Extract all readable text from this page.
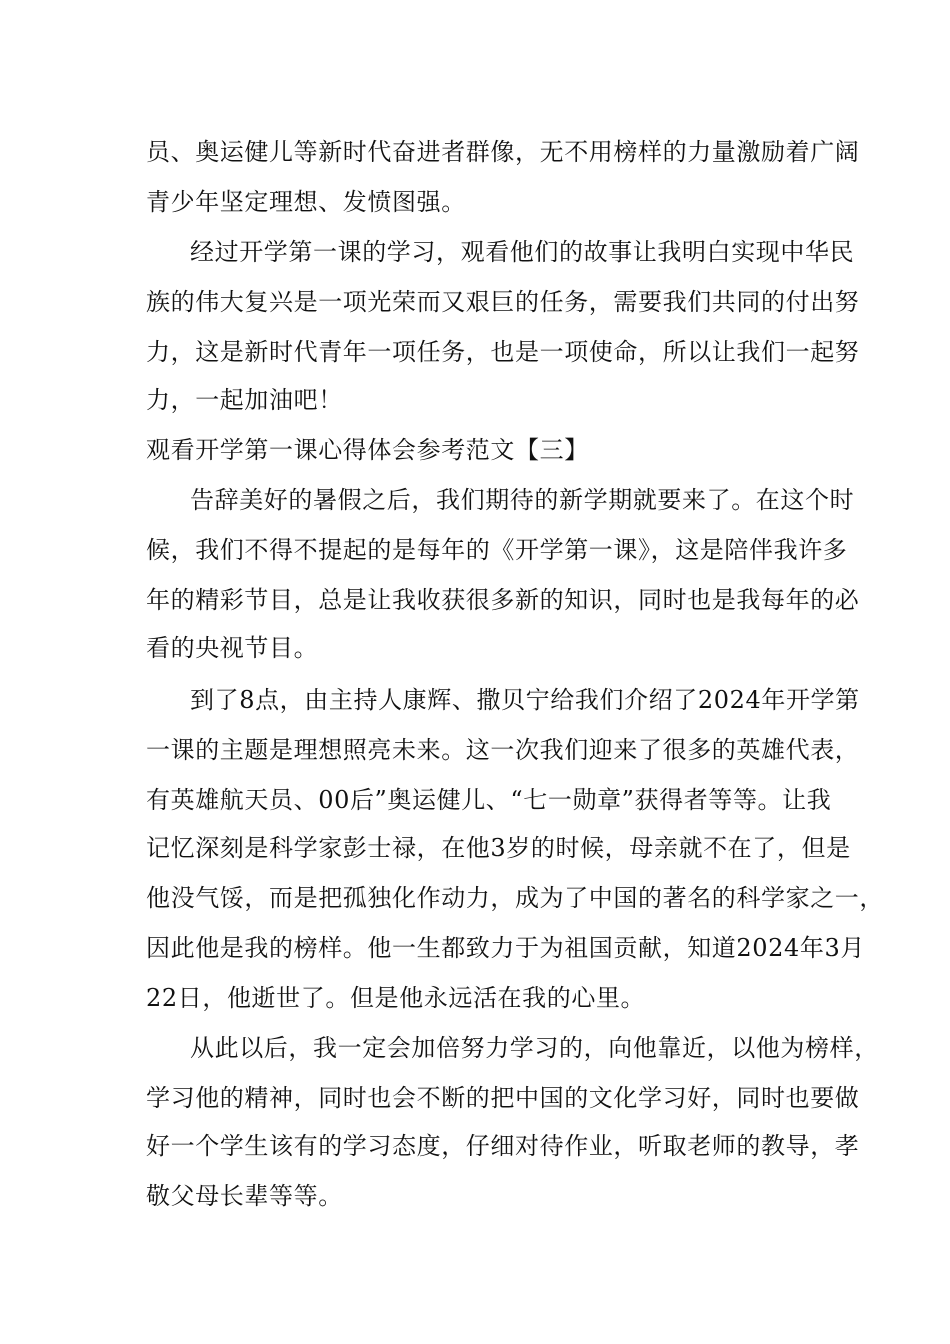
员、奥运健儿等新时代奋进者群像，无不用榜样的力量激励着广阔
青少年坚定理想、发愤图强。
经过开学第一课的学习，观看他们的故事让我明白实现中华民
族的伟大复兴是一项光荣而又艰巨的任务，需要我们共同的付出努
力，这是新时代青年一项任务，也是一项使命，所以让我们一起努
力，一起加油吧！
观看开学第一课心得体会参考范文【三】
告辞美好的暑假之后，我们期待的新学期就要来了。在这个时
候，我们不得不提起的是每年的《开学第一课》，这是陪伴我许多
年的精彩节目，总是让我收获很多新的知识，同时也是我每年的必
看的央视节目。
到了8点，由主持人康辉、撒贝宁给我们介绍了2024年开学第
一课的主题是理想照亮未来。这一次我们迎来了很多的英雄代表，
有英雄航天员、00后”奥运健儿、“七一勋章”获得者等等。让我
记忆深刻是科学家彭士禄，在他3岁的时候，母亲就不在了，但是
他没气馁，而是把孤独化作动力，成为了中国的著名的科学家之一，
因此他是我的榜样。他一生都致力于为祖国贡献，知道2024年3月
22日，他逝世了。但是他永远活在我的心里。
从此以后，我一定会加倍努力学习的，向他靠近，以他为榜样，
学习他的精神，同时也会不断的把中国的文化学习好，同时也要做
好一个学生该有的学习态度，仔细对待作业，听取老师的教导，孝
敬父母长辈等等。
